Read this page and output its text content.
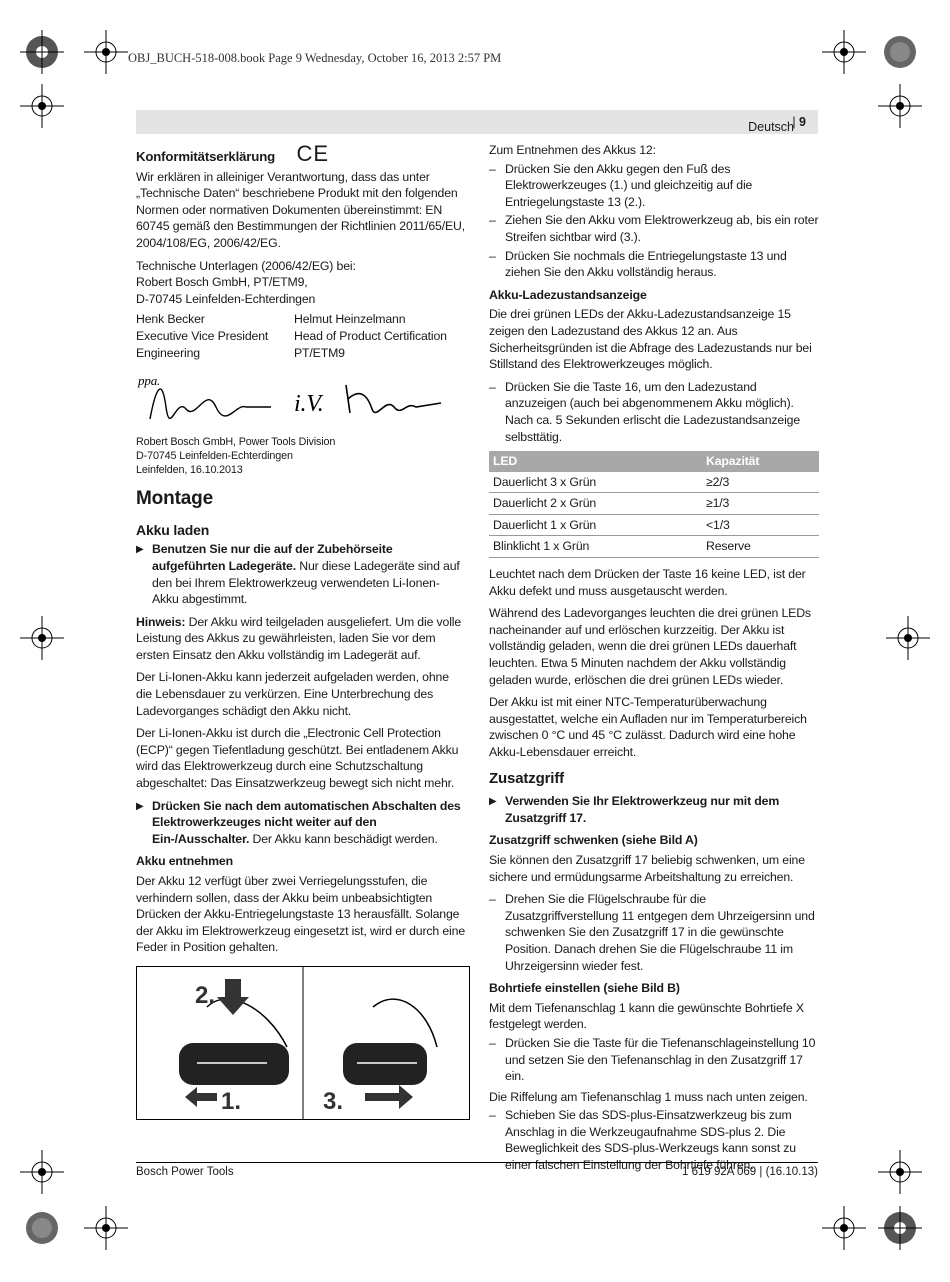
OBJ_BUCH-518-008.book Page 9 Wednesday, October 16, 2013 2:57 PM
Deutsch
| 9
Konformitätserklärung CE

Wir erklären in alleiniger Verantwortung, dass das unter „Technische Daten“ beschriebene Produkt mit den folgenden Normen oder normativen Dokumenten übereinstimmt: EN 60745 gemäß den Bestimmungen der Richtlinien 2011/65/EU, 2004/108/EG, 2006/42/EG.

Technische Unterlagen (2006/42/EG) bei:
Robert Bosch GmbH, PT/ETM9,
D-70745 Leinfelden-Echterdingen

Henk Becker
Executive Vice President
Engineering
Helmut Heinzelmann
Head of Product Certification
PT/ETM9
ppa.
i.V.
Robert Bosch GmbH, Power Tools Division
D-70745 Leinfelden-Echterdingen
Leinfelden, 16.10.2013
Montage
Akku laden
▶ Benutzen Sie nur die auf der Zubehörseite aufgeführten Ladegeräte. Nur diese Ladegeräte sind auf den bei Ihrem Elektrowerkzeug verwendeten Li-Ionen-Akku abgestimmt.

Hinweis: Der Akku wird teilgeladen ausgeliefert. Um die volle Leistung des Akkus zu gewährleisten, laden Sie vor dem ersten Einsatz den Akku vollständig im Ladegerät auf.

Der Li-Ionen-Akku kann jederzeit aufgeladen werden, ohne die Lebensdauer zu verkürzen. Eine Unterbrechung des Ladevorganges schädigt den Akku nicht.

Der Li-Ionen-Akku ist durch die „Electronic Cell Protection (ECP)“ gegen Tiefentladung geschützt. Bei entladenem Akku wird das Elektrowerkzeug durch eine Schutzschaltung abgeschaltet: Das Einsatzwerkzeug bewegt sich nicht mehr.

▶ Drücken Sie nach dem automatischen Abschalten des Elektrowerkzeuges nicht weiter auf den Ein-/Ausschalter. Der Akku kann beschädigt werden.
Akku entnehmen

Der Akku 12 verfügt über zwei Verriegelungsstufen, die verhindern sollen, dass der Akku beim unbeabsichtigten Drücken der Akku-Entriegelungstaste 13 herausfällt. Solange der Akku im Elektrowerkzeug eingesetzt ist, wird er durch eine Feder in Position gehalten.

2.
1.	3.

Zum Entnehmen des Akkus 12:

– Drücken Sie den Akku gegen den Fuß des Elektrowerkzeuges (1.) und gleichzeitig auf die Entriegelungstaste 13 (2.).
– Ziehen Sie den Akku vom Elektrowerkzeug ab, bis ein roter Streifen sichtbar wird (3.).
– Drücken Sie nochmals die Entriegelungstaste 13 und ziehen Sie den Akku vollständig heraus.
Akku-Ladezustandsanzeige

Die drei grünen LEDs der Akku-Ladezustandsanzeige 15 zeigen den Ladezustand des Akkus 12 an. Aus Sicherheitsgründen ist die Abfrage des Ladezustands nur bei Stillstand des Elektrowerkzeuges möglich.

– Drücken Sie die Taste 16, um den Ladezustand anzuzeigen (auch bei abgenommenem Akku möglich). Nach ca. 5 Sekunden erlischt die Ladezustandsanzeige selbsttätig.
LED	Kapazität
Dauerlicht 3 x Grün	≥2/3
Dauerlicht 2 x Grün	≥1/3
Dauerlicht 1 x Grün	<1/3
Blinklicht 1 x Grün	Reserve

Leuchtet nach dem Drücken der Taste 16 keine LED, ist der Akku defekt und muss ausgetauscht werden.

Während des Ladevorganges leuchten die drei grünen LEDs nacheinander auf und erlöschen kurzzeitig. Der Akku ist vollständig geladen, wenn die drei grünen LEDs dauerhaft leuchten. Etwa 5 Minuten nachdem der Akku vollständig geladen wurde, erlöschen die drei grünen LEDs wieder.

Der Akku ist mit einer NTC-Temperaturüberwachung ausgestattet, welche ein Aufladen nur im Temperaturbereich zwischen 0 °C und 45 °C zulässt. Dadurch wird eine hohe Akku-Lebensdauer erreicht.

Zusatzgriff
▶ Verwenden Sie Ihr Elektrowerkzeug nur mit dem Zusatzgriff 17.
Zusatzgriff schwenken (siehe Bild A)

Sie können den Zusatzgriff 17 beliebig schwenken, um eine sichere und ermüdungsarme Arbeitshaltung zu erreichen.

– Drehen Sie die Flügelschraube für die Zusatzgriffverstellung 11 entgegen dem Uhrzeigersinn und schwenken Sie den Zusatzgriff 17 in die gewünschte Position. Danach drehen Sie die Flügelschraube 11 im Uhrzeigersinn wieder fest.
Bohrtiefe einstellen (siehe Bild B)

Mit dem Tiefenanschlag 1 kann die gewünschte Bohrtiefe X festgelegt werden.

– Drücken Sie die Taste für die Tiefenanschlageinstellung 10 und setzen Sie den Tiefenanschlag in den Zusatzgriff 17 ein.

Die Riffelung am Tiefenanschlag 1 muss nach unten zeigen.

– Schieben Sie das SDS-plus-Einsatzwerkzeug bis zum Anschlag in die Werkzeugaufnahme SDS-plus 2. Die Beweglichkeit des SDS-plus-Werkzeugs kann sonst zu einer falschen Einstellung der Bohrtiefe führen.
Bosch Power Tools	1 619 92A 069 | (16.10.13)
